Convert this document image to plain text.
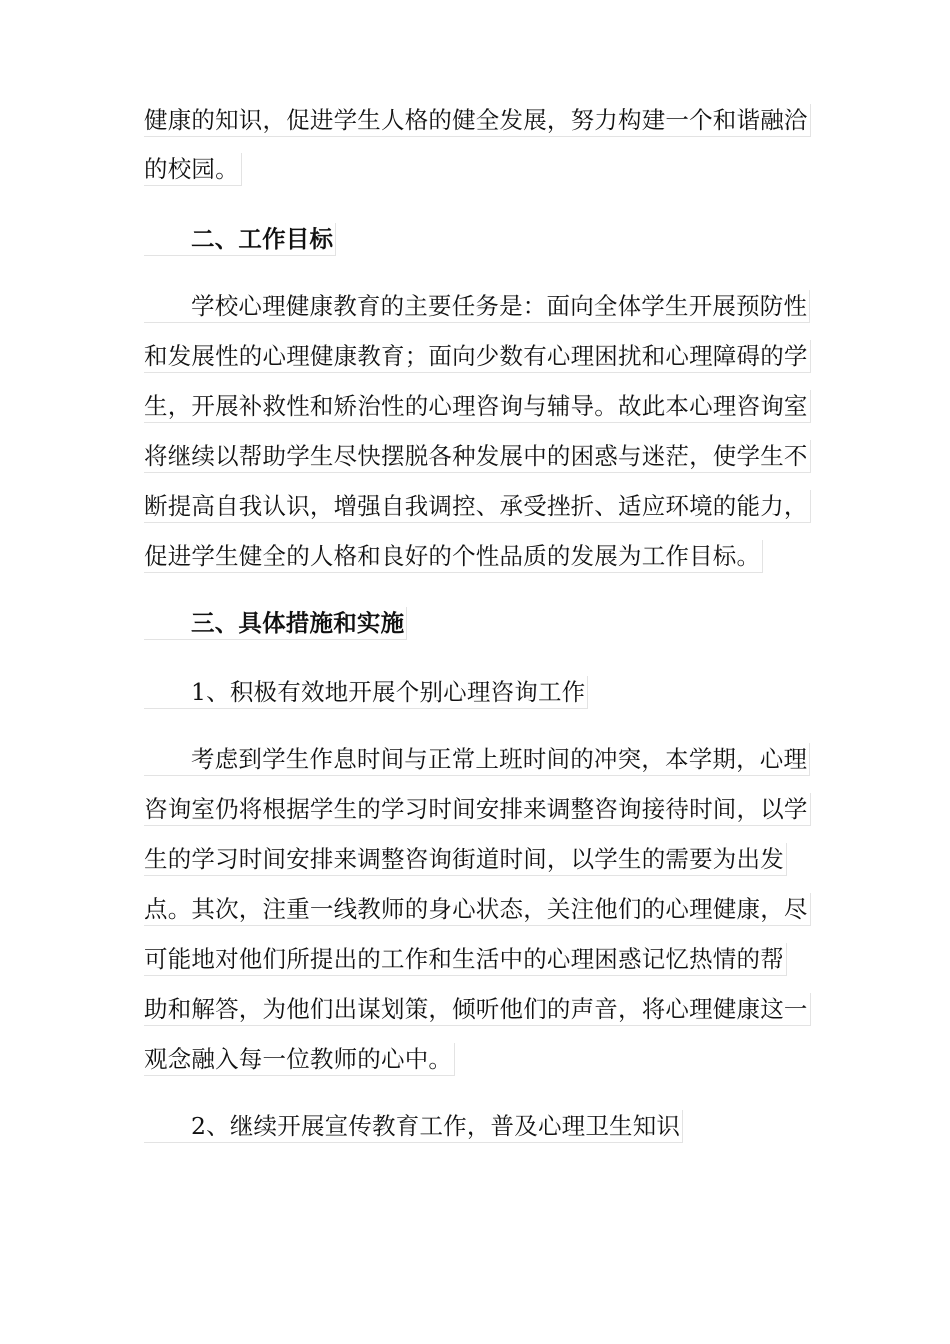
健康的知识，促进学生人格的健全发展，努力构建一个和谐融洽
的校园。
二、工作目标
学校心理健康教育的主要任务是：面向全体学生开展预防性
和发展性的心理健康教育；面向少数有心理困扰和心理障碍的学
生，开展补救性和矫治性的心理咨询与辅导。故此本心理咨询室
将继续以帮助学生尽快摆脱各种发展中的困惑与迷茫，使学生不
断提高自我认识，增强自我调控、承受挫折、适应环境的能力，
促进学生健全的人格和良好的个性品质的发展为工作目标。
三、具体措施和实施
1、积极有效地开展个别心理咨询工作
考虑到学生作息时间与正常上班时间的冲突，本学期，心理
咨询室仍将根据学生的学习时间安排来调整咨询接待时间，以学
生的学习时间安排来调整咨询街道时间，以学生的需要为出发
点。其次，注重一线教师的身心状态，关注他们的心理健康，尽
可能地对他们所提出的工作和生活中的心理困惑记忆热情的帮
助和解答，为他们出谋划策，倾听他们的声音，将心理健康这一
观念融入每一位教师的心中。
2、继续开展宣传教育工作，普及心理卫生知识
